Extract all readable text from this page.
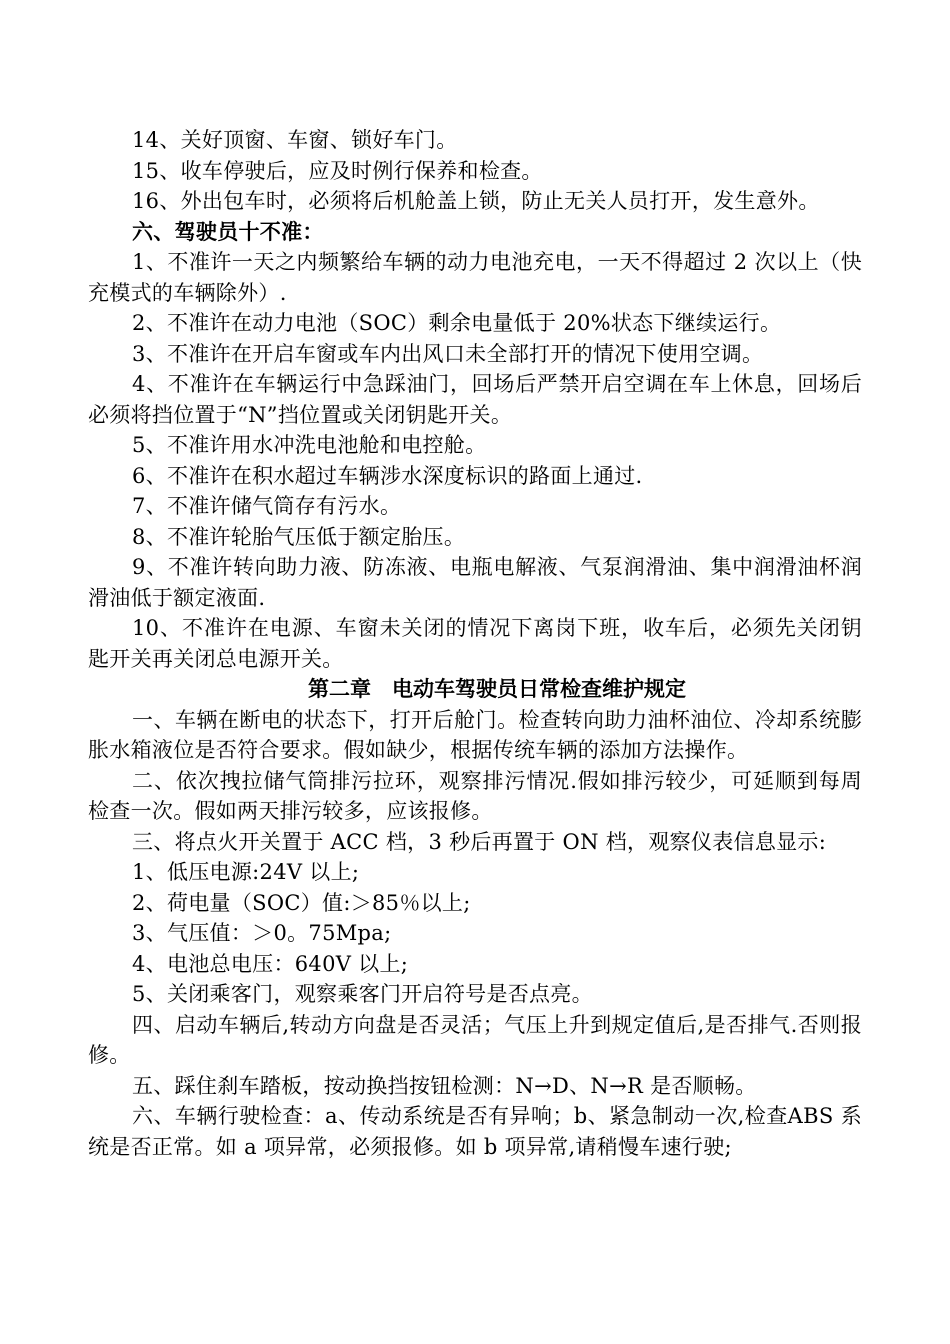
14、关好顶窗、车窗、锁好车门。

15、收车停驶后，应及时例行保养和检查。

16、外出包车时，必须将后机舱盖上锁，防止无关人员打开，发生意外。

六、驾驶员十不准：

1、不准许一天之内频繁给车辆的动力电池充电，一天不得超过 2 次以上（快充模式的车辆除外）.

2、不准许在动力电池（SOC）剩余电量低于 20%状态下继续运行。

3、不准许在开启车窗或车内出风口未全部打开的情况下使用空调。

4、不准许在车辆运行中急踩油门，回场后严禁开启空调在车上休息，回场后必须将挡位置于“N”挡位置或关闭钥匙开关。

5、不准许用水冲洗电池舱和电控舱。

6、不准许在积水超过车辆涉水深度标识的路面上通过.

7、不准许储气筒存有污水。

8、不准许轮胎气压低于额定胎压。

9、不准许转向助力液、防冻液、电瓶电解液、气泵润滑油、集中润滑油杯润滑油低于额定液面.

10、不准许在电源、车窗未关闭的情况下离岗下班，收车后，必须先关闭钥匙开关再关闭总电源开关。

第二章　电动车驾驶员日常检查维护规定

一、车辆在断电的状态下，打开后舱门。检查转向助力油杯油位、冷却系统膨胀水箱液位是否符合要求。假如缺少，根据传统车辆的添加方法操作。

二、依次拽拉储气筒排污拉环，观察排污情况.假如排污较少，可延顺到每周检查一次。假如两天排污较多，应该报修。

三、将点火开关置于 ACC 档，3 秒后再置于 ON 档，观察仪表信息显示:

1、低压电源:24V 以上;

2、荷电量（SOC）值:＞85％以上;

3、气压值：＞0。75Mpa;

4、电池总电压：640V 以上;

5、关闭乘客门，观察乘客门开启符号是否点亮。

四、启动车辆后,转动方向盘是否灵活；气压上升到规定值后,是否排气.否则报修。

五、踩住刹车踏板，按动换挡按钮检测：N→D、N→R 是否顺畅。

六、车辆行驶检查：a、传动系统是否有异响；b、紧急制动一次,检查ABS 系统是否正常。如 a 项异常，必须报修。如 b 项异常,请稍慢车速行驶;
